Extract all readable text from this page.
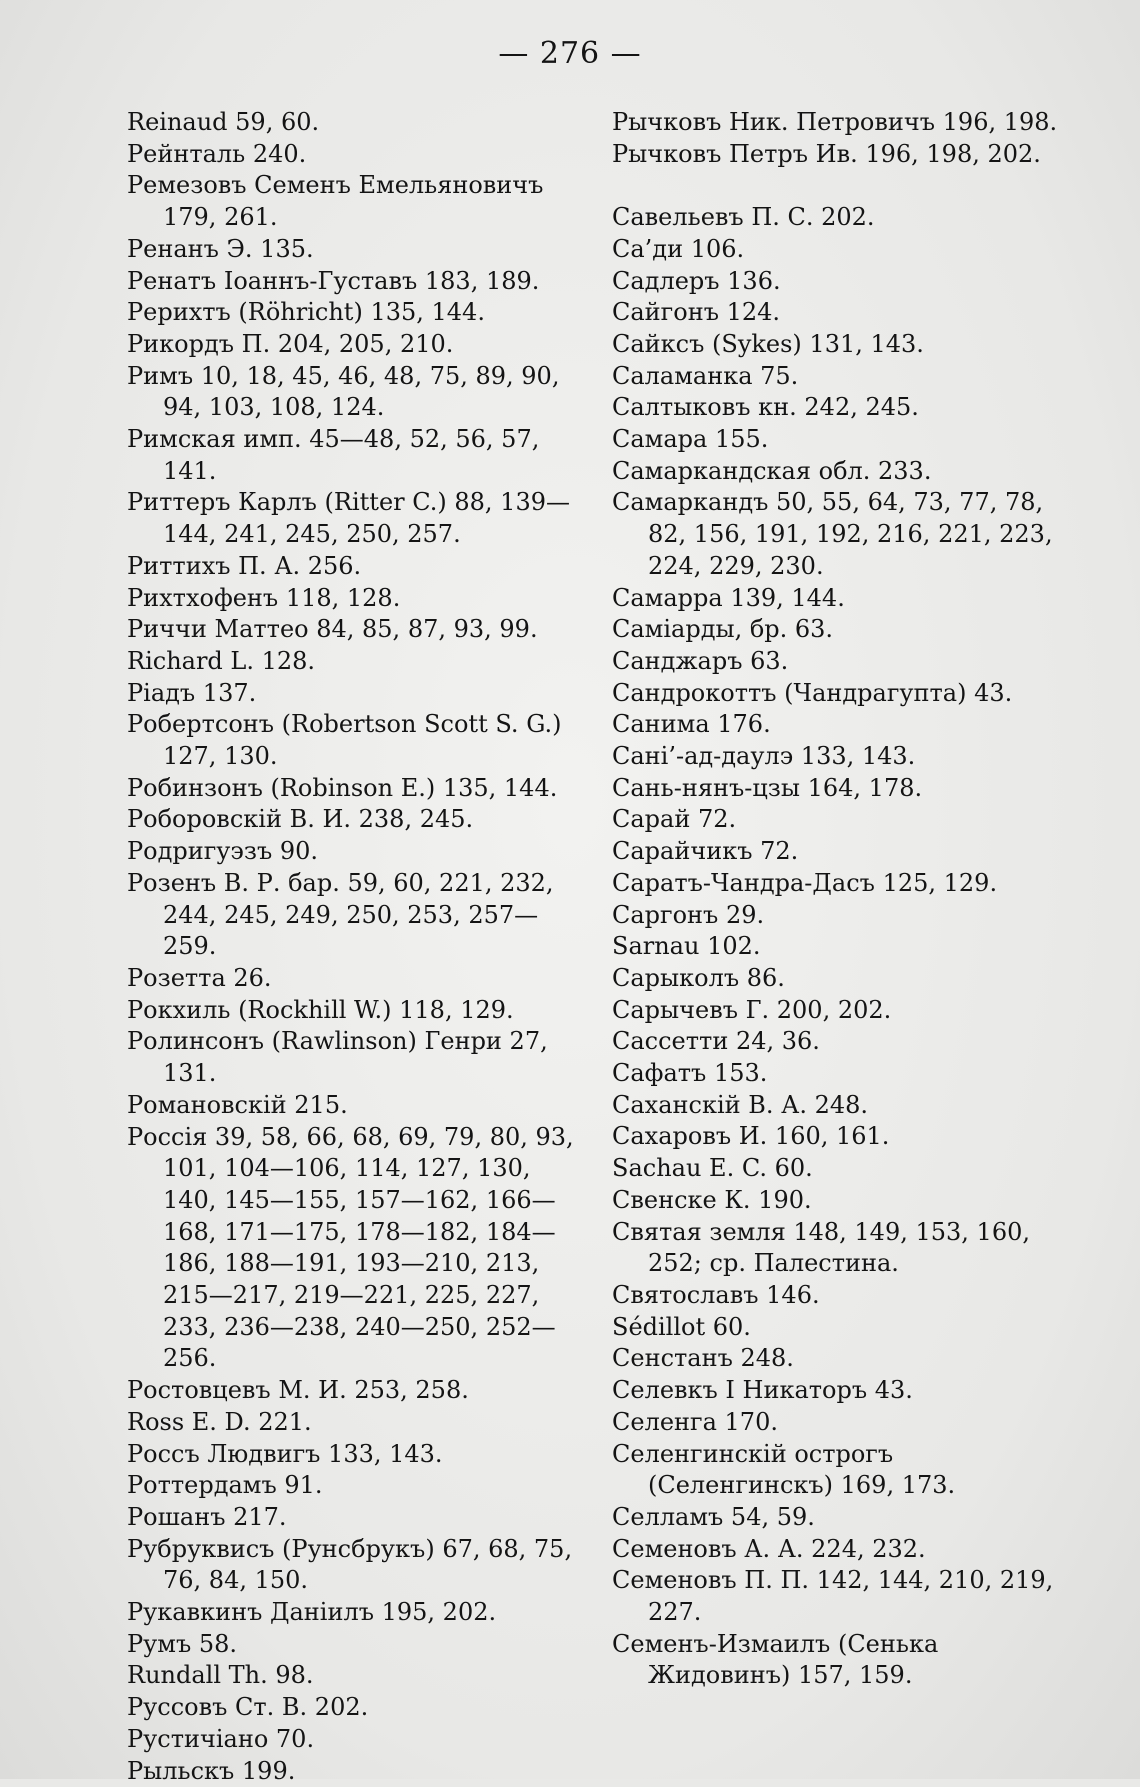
— 276 —

Reinaud 59, 60.

Рейнталь 240.

Ремезовъ Семенъ Емельяновичъ 179, 261.

Ренанъ Э. 135.

Ренатъ Іоаннъ-Густавъ 183, 189.

Рерихтъ (Röhricht) 135, 144.

Рикордъ П. 204, 205, 210.

Римъ 10, 18, 45, 46, 48, 75, 89, 90, 94, 103, 108, 124.

Римская имп. 45—48, 52, 56, 57, 141.

Риттеръ Карлъ (Ritter C.) 88, 139—144, 241, 245, 250, 257.

Риттихъ П. А. 256.

Рихтхофенъ 118, 128.

Риччи Маттео 84, 85, 87, 93, 99.

Richard L. 128.

Ріадъ 137.

Робертсонъ (Robertson Scott S. G.) 127, 130.

Робинзонъ (Robinson E.) 135, 144.

Роборовскій В. И. 238, 245.

Родригуэзъ 90.

Розенъ В. Р. бар. 59, 60, 221, 232, 244, 245, 249, 250, 253, 257—259.

Розетта 26.

Рокхиль (Rockhill W.) 118, 129.

Ролинсонъ (Rawlinson) Генри 27, 131.

Романовскій 215.

Россія 39, 58, 66, 68, 69, 79, 80, 93, 101, 104—106, 114, 127, 130, 140, 145—155, 157—162, 166—168, 171—175, 178—182, 184—186, 188—191, 193—210, 213, 215—217, 219—221, 225, 227, 233, 236—238, 240—250, 252—256.

Ростовцевъ М. И. 253, 258.

Ross E. D. 221.

Россъ Людвигъ 133, 143.

Роттердамъ 91.

Рошанъ 217.

Рубруквисъ (Рунсбрукъ) 67, 68, 75, 76, 84, 150.

Рукавкинъ Даніилъ 195, 202.

Румъ 58.

Rundall Th. 98.

Руссовъ Ст. В. 202.

Рустичіано 70.

Рыльскъ 199.

Рычковъ Ник. Петровичъ 196, 198.

Рычковъ Петръ Ив. 196, 198, 202.

Савельевъ П. С. 202.

Са’ди 106.

Садлеръ 136.

Сайгонъ 124.

Сайксъ (Sykes) 131, 143.

Саламанка 75.

Салтыковъ кн. 242, 245.

Самара 155.

Самаркандская обл. 233.

Самаркандъ 50, 55, 64, 73, 77, 78, 82, 156, 191, 192, 216, 221, 223, 224, 229, 230.

Самарра 139, 144.

Самiарды, бр. 63.

Санджаръ 63.

Сандрокоттъ (Чандрагупта) 43.

Санима 176.

Сані’-ад-даулэ 133, 143.

Сань-нянъ-цзы 164, 178.

Сарай 72.

Сарайчикъ 72.

Саратъ-Чандра-Дасъ 125, 129.

Саргонъ 29.

Sarnau 102.

Сарыколъ 86.

Сарычевъ Г. 200, 202.

Сассетти 24, 36.

Сафатъ 153.

Саханскій В. А. 248.

Сахаровъ И. 160, 161.

Sachau E. C. 60.

Свенске К. 190.

Святая земля 148, 149, 153, 160, 252; ср. Палестина.

Святославъ 146.

Sédillot 60.

Сенстанъ 248.

Селевкъ I Никаторъ 43.

Селенга 170.

Селенгинскій острогъ (Селенгинскъ) 169, 173.

Селламъ 54, 59.

Семеновъ А. А. 224, 232.

Семеновъ П. П. 142, 144, 210, 219, 227.

Семенъ-Измаилъ (Сенька Жидовинъ) 157, 159.
